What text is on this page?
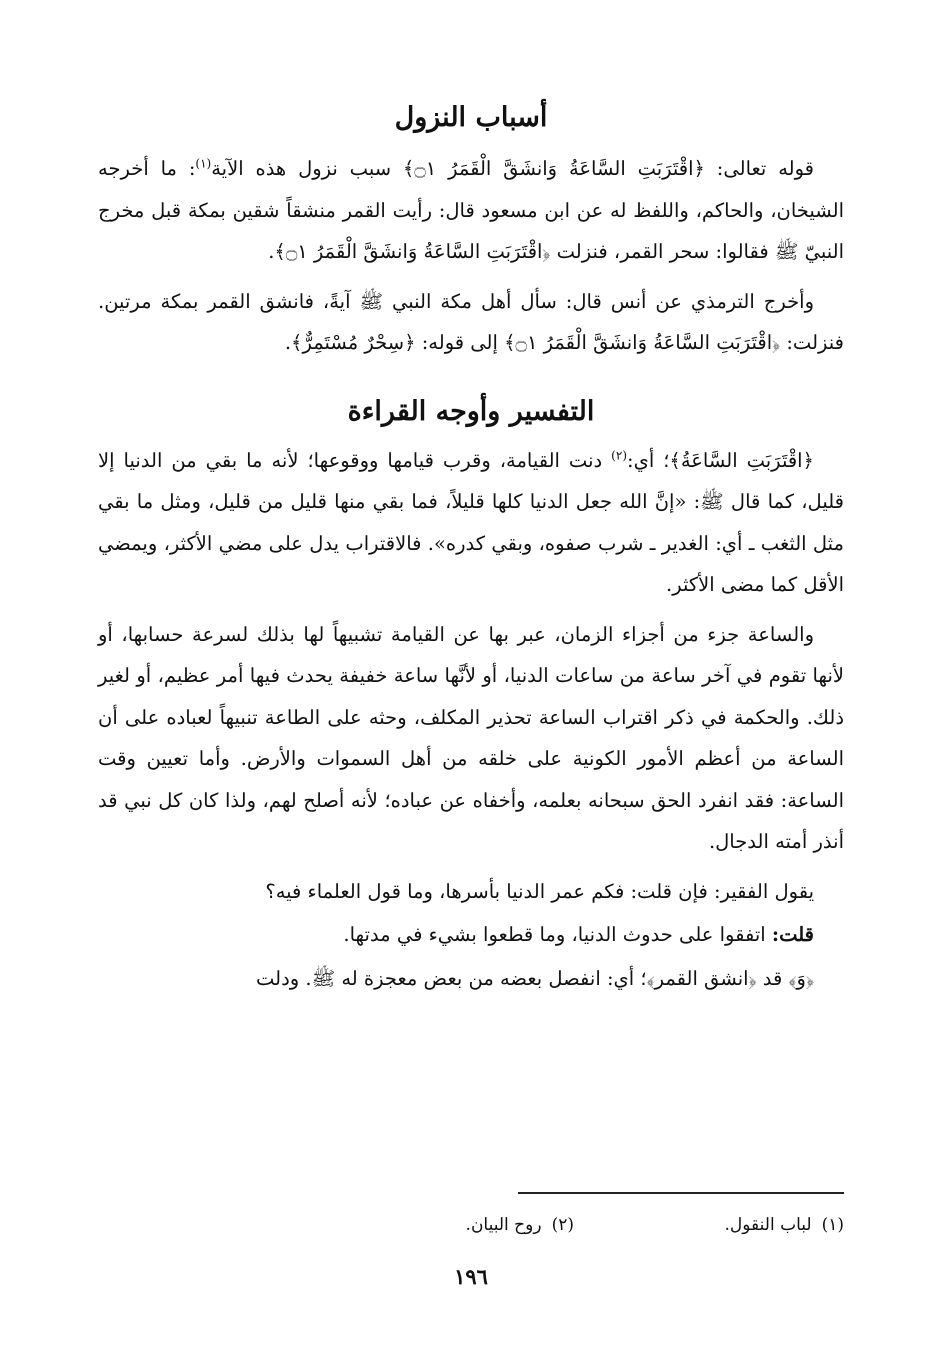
أسباب النزول

قوله تعالى: ﴿اقْتَرَبَتِ السَّاعَةُ وَانشَقَّ الْقَمَرُ ۝١﴾ سبب نزول هذه الآية$^{(١)}$: ما أخرجه الشيخان، والحاكم، واللفظ له عن ابن مسعود قال: رأيت القمر منشقاً شقين بمكة قبل مخرج النبيّ ﷺ فقالوا: سحر القمر، فنزلت ﴿اقْتَرَبَتِ السَّاعَةُ وَانشَقَّ الْقَمَرُ ۝١﴾.

وأخرج الترمذي عن أنس قال: سأل أهل مكة النبي ﷺ آيةً، فانشق القمر بمكة مرتين. فنزلت: ﴿اقْتَرَبَتِ السَّاعَةُ وَانشَقَّ الْقَمَرُ ۝١﴾ إلى قوله: ﴿سِحْرٌ مُسْتَمِرٌّ﴾.

التفسير وأوجه القراءة

﴿اقْتَرَبَتِ السَّاعَةُ﴾؛ أي:$^{(٢)}$ دنت القيامة، وقرب قيامها ووقوعها؛ لأنه ما بقي من الدنيا إلا قليل، كما قال ﷺ: «إنَّ الله جعل الدنيا كلها قليلاً، فما بقي منها قليل من قليل، ومثل ما بقي مثل الثغب ـ أي: الغدير ـ شرب صفوه، وبقي كدره». فالاقتراب يدل على مضي الأكثر، ويمضي الأقل كما مضى الأكثر.

والساعة جزء من أجزاء الزمان، عبر بها عن القيامة تشبيهاً لها بذلك لسرعة حسابها، أو لأنها تقوم في آخر ساعة من ساعات الدنيا، أو لأنَّها ساعة خفيفة يحدث فيها أمر عظيم، أو لغير ذلك. والحكمة في ذكر اقتراب الساعة تحذير المكلف، وحثه على الطاعة تنبيهاً لعباده على أن الساعة من أعظم الأمور الكونية على خلقه من أهل السموات والأرض. وأما تعيين وقت الساعة: فقد انفرد الحق سبحانه بعلمه، وأخفاه عن عباده؛ لأنه أصلح لهم، ولذا كان كل نبي قد أنذر أمته الدجال.

يقول الفقير: فإن قلت: فكم عمر الدنيا بأسرها، وما قول العلماء فيه؟

قلت: اتفقوا على حدوث الدنيا، وما قطعوا بشيء في مدتها.

﴿وَ﴾ قد ﴿انشق القمر﴾؛ أي: انفصل بعضه من بعض معجزة له ﷺ. ودلت

(١)لباب النقول.
(٢)روح البيان.
١٩٦
